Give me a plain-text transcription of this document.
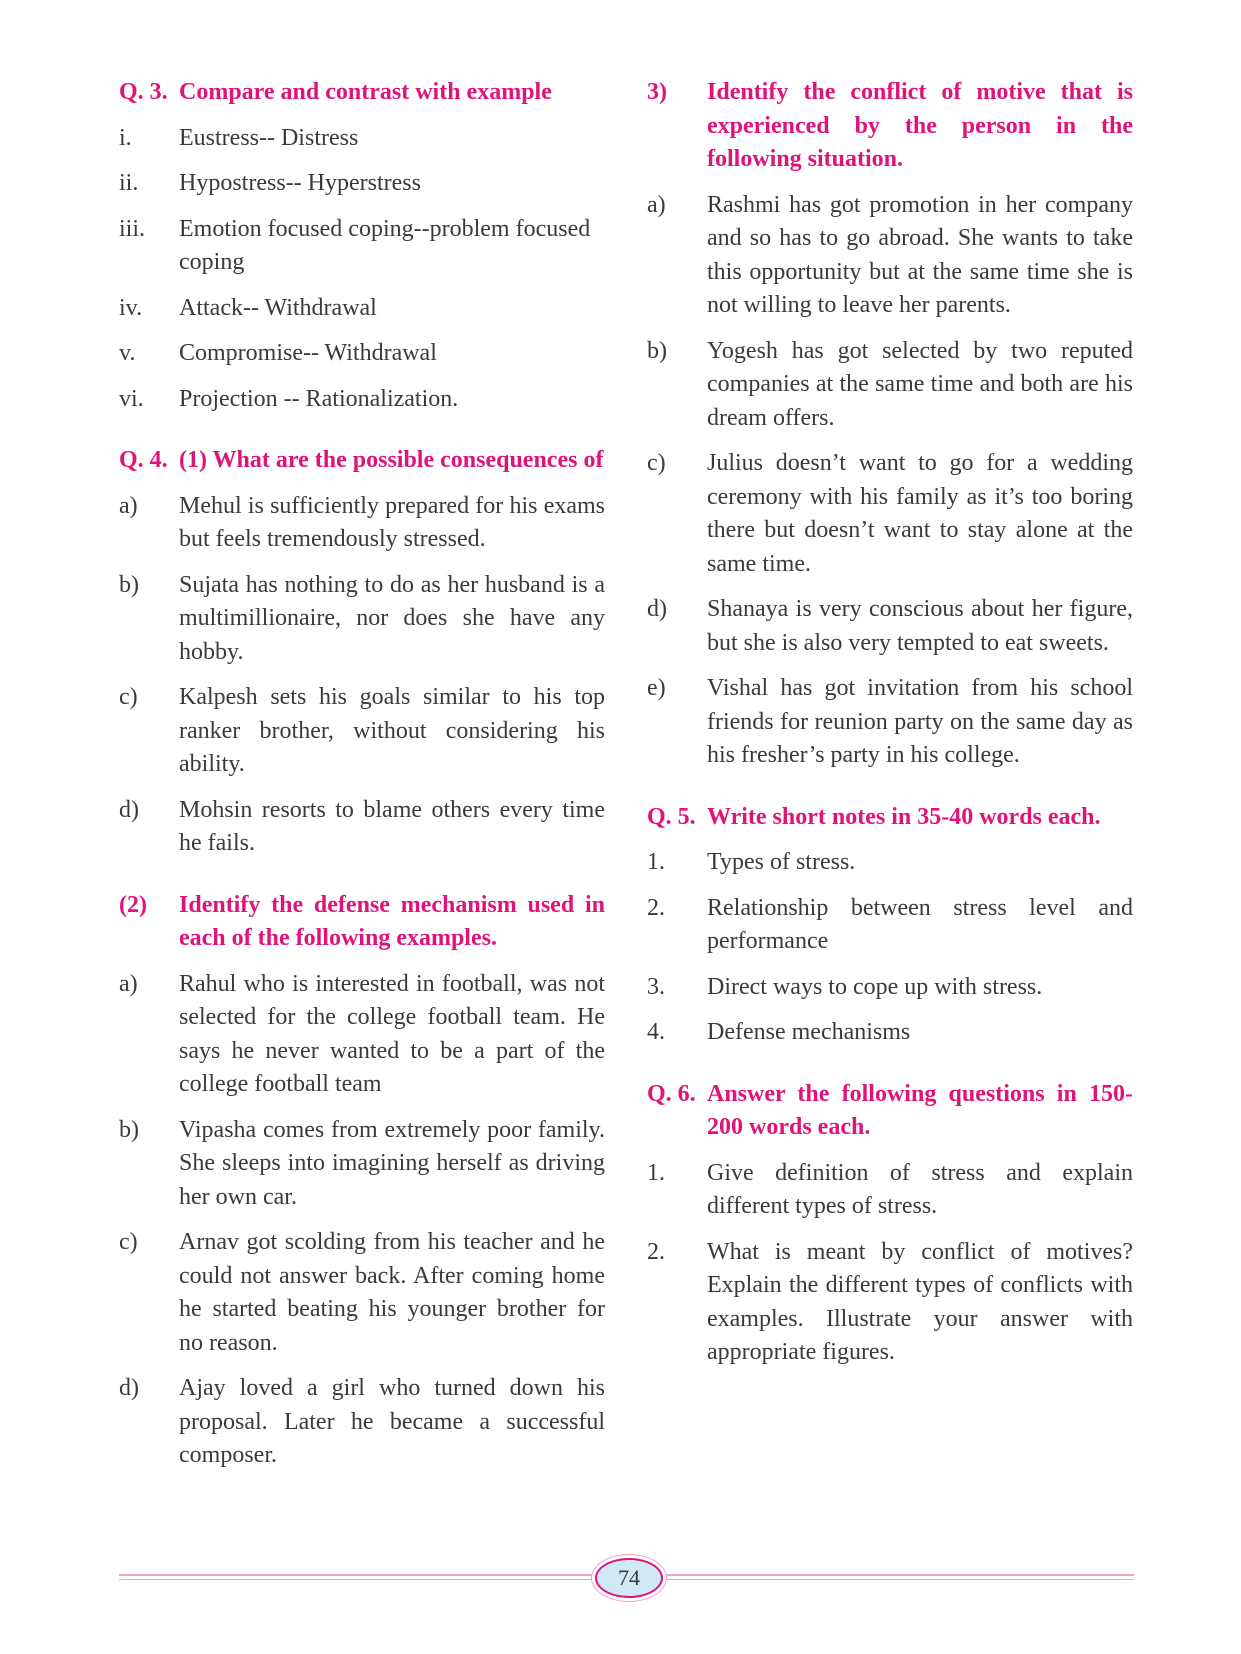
Q. 3. Compare and contrast with example
i.	Eustress-- Distress
ii.	Hypostress-- Hyperstress
iii.	Emotion focused coping--problem focused coping
iv.	Attack-- Withdrawal
v.	Compromise-- Withdrawal
vi.	Projection -- Rationalization.
Q. 4. (1) What are the possible consequences of
a)	Mehul is sufficiently prepared for his exams but feels tremendously stressed.
b)	Sujata has nothing to do as her husband is a multimillionaire, nor does she have any hobby.
c)	Kalpesh sets his goals similar to his top ranker brother, without considering his ability.
d)	Mohsin resorts to blame others every time he fails.
(2)	Identify the defense mechanism used in each of the following examples.
a)	Rahul who is interested in football, was not selected for the college football team. He says he never wanted to be a part of the college football team
b)	Vipasha comes from extremely poor family. She sleeps into imagining herself as driving her own car.
c)	Arnav got scolding from his teacher and he could not answer back. After coming home he started beating his younger brother for no reason.
d)	Ajay loved a girl who turned down his proposal. Later he became a successful composer.
3)	Identify the conflict of motive that is experienced by the person in the following situation.
a)	Rashmi has got promotion in her company and so has to go abroad. She wants to take this opportunity but at the same time she is not willing to leave her parents.
b)	Yogesh has got selected by two reputed companies at the same time and both are his dream offers.
c)	Julius doesn’t want to go for a wedding ceremony with his family as it’s too boring there but doesn’t want to stay alone at the same time.
d)	Shanaya is very conscious about her figure, but she is also very tempted to eat sweets.
e)	Vishal has got invitation from his school friends for reunion party on the same day as his fresher’s party in his college.
Q. 5. Write short notes in 35-40 words each.
1.	Types of stress.
2.	Relationship between stress level and performance
3.	Direct ways to cope up with stress.
4.	Defense mechanisms
Q. 6. Answer the following questions in 150-200 words each.
1.	Give definition of stress and explain different types of stress.
2.	What is meant by conflict of motives? Explain the different types of conflicts with examples. Illustrate your answer with appropriate figures.
74
